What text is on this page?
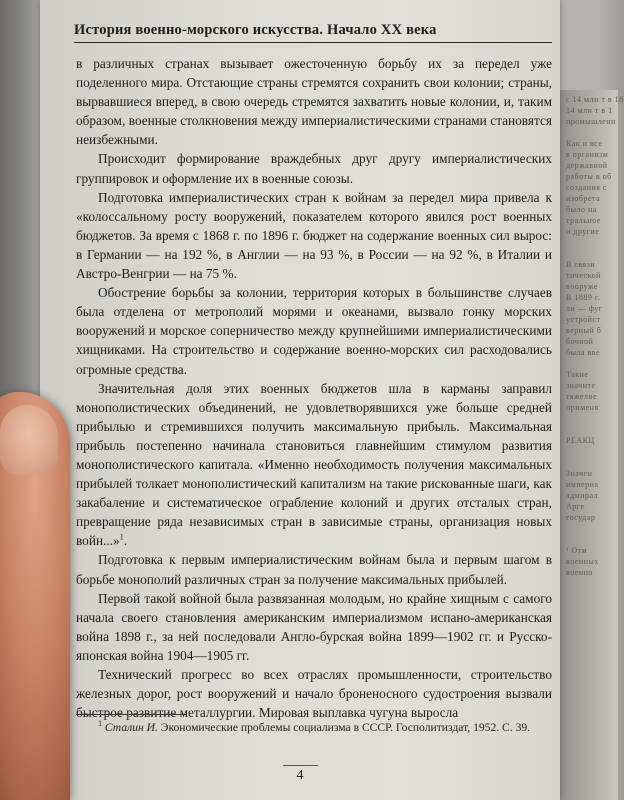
с 14 млн т в 18
14 млн т в 1
промышленн

Как и все
в организм
державной
работы в об
создания с
изобрета
было на
тральное
и другие

В связи
тической
вооруже
В 1889 г.
ли — фуг
устройст
верный б
бочной
была вве

Такие
значите
тяжелое
применя

РЕАКЦ

Значен
империа
адмирал
Арге
государ

¹ Отм
военных
военно
История военно-морского искусства. Начало XX века

в различных странах вызывает ожесточенную борьбу их за передел уже поделенного мира. Отстающие страны стремятся сохранить свои колонии; страны, вырвавшиеся вперед, в свою очередь стремятся захватить новые колонии, и, таким образом, военные столкновения между империалистическими странами становятся неизбежными.

Происходит формирование враждебных друг другу империалистических группировок и оформление их в военные союзы.

Подготовка империалистических стран к войнам за передел мира привела к «колоссальному росту вооружений, показателем которого явился рост военных бюджетов. За время с 1868 г. по 1896 г. бюджет на содержание военных сил вырос: в Германии — на 192 %, в Англии — на 93 %, в России — на 92 %, в Италии и Австро-Венгрии — на 75 %.

Обострение борьбы за колонии, территория которых в большинстве случаев была отделена от метрополий морями и океанами, вызвало гонку морских вооружений и морское соперничество между крупнейшими империалистическими хищниками. На строительство и содержание военно-морских сил расходовались огромные средства.

Значительная доля этих военных бюджетов шла в карманы заправил монополистических объединений, не удовлетворявшихся уже больше средней прибылью и стремившихся получить максимальную прибыль. Максимальная прибыль постепенно начинала становиться главнейшим стимулом развития монополистического капитала. «Именно необходимость получения максимальных прибылей толкает монополистический капитализм на такие рискованные шаги, как закабаление и систематическое ограбление колоний и других отсталых стран, превращение ряда независимых стран в зависимые страны, организация новых войн...»$^1$.

Подготовка к первым империалистическим войнам была и первым шагом в борьбе монополий различных стран за получение максимальных прибылей.

Первой такой войной была развязанная молодым, но крайне хищным с самого начала своего становления американским империализмом испано-американская война 1898 г., за ней последовали Англо-бурская война 1899—1902 гг. и Русско-японская война 1904—1905 гг.

Технический прогресс во всех отраслях промышленности, строительство железных дорог, рост вооружений и начало броненосного судостроения вызвали быстрое развитие металлургии. Мировая выплавка чугуна выросла

$^1$ Сталин И. Экономические проблемы социализма в СССР. Госполитиздат, 1952. С. 39.
4
